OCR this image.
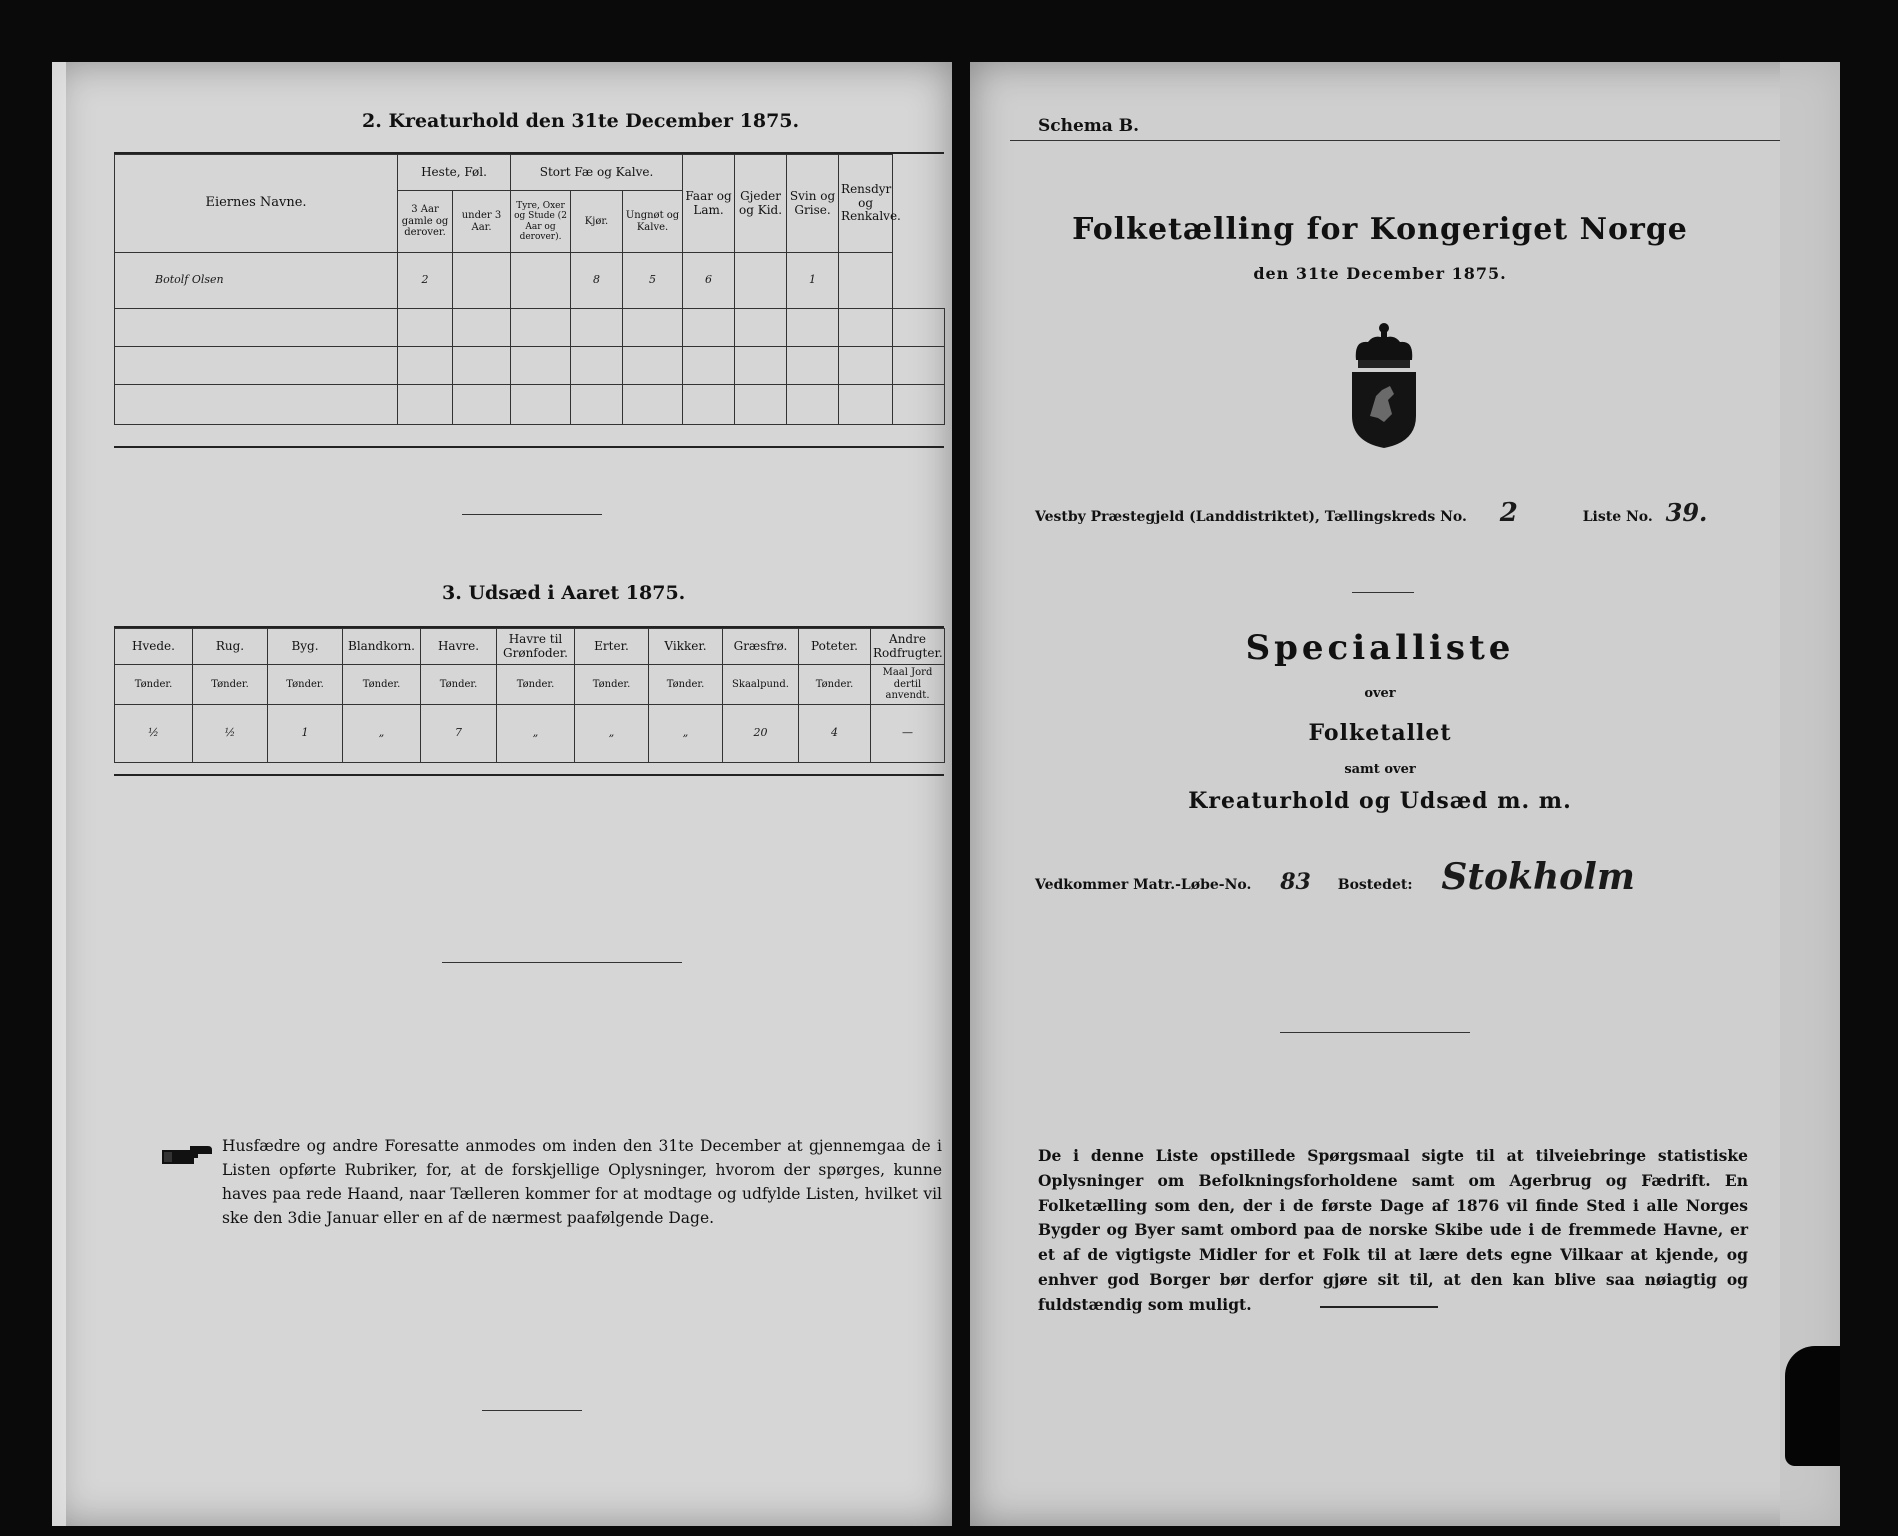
2. Kreaturhold den 31te December 1875.
Eiernes Navne.	Heste, Føl.		Stort Fæ og Kalve.			Faar og Lam.	Gjeder og Kid.	Svin og Grise.	Rensdyr og Renkalve.	
	3 Aar gamle og derover.	under 3 Aar.	Tyre, Oxer og Stude (2 Aar og derover).	Kjør.	Ungnøt og Kalve.					
Botolf Olsen	2			8	5	6		1		

3. Udsæd i Aaret 1875.
Hvede.	Rug.	Byg.	Blandkorn.	Havre.	Havre til Grønfoder.	Erter.	Vikker.	Græsfrø.	Poteter.	Andre Rodfrugter.
Tønder.	Tønder.	Tønder.	Tønder.	Tønder.	Tønder.	Tønder.	Tønder.	Skaalpund.	Tønder.	Maal Jord dertil anvendt.
½	½	1	„	7	„	„	„	20	4	—
Husfædre og andre Foresatte anmodes om inden den 31te December at gjennemgaa de i Listen opførte Rubriker, for, at de forskjellige Oplysninger, hvorom der spørges, kunne haves paa rede Haand, naar Tælleren kommer for at modtage og udfylde Listen, hvilket vil ske den 3die Januar eller en af de nærmest paafølgende Dage.
Schema B.
Folketælling for Kongeriget Norge
den 31te December 1875.
Vestby Præstegjeld (Landdistriktet), Tællingskreds No. 2	Liste No. 39.
Specialliste
over
Folketallet
samt over
Kreaturhold og Udsæd m. m.
Vedkommer Matr.-Løbe-No. 83 Bostedet: Stokholm
De i denne Liste opstillede Spørgsmaal sigte til at tilveiebringe statistiske Oplysninger om Befolkningsforholdene samt om Agerbrug og Fædrift. En Folketælling som den, der i de første Dage af 1876 vil finde Sted i alle Norges Bygder og Byer samt ombord paa de norske Skibe ude i de fremmede Havne, er et af de vigtigste Midler for et Folk til at lære dets egne Vilkaar at kjende, og enhver god Borger bør derfor gjøre sit til, at den kan blive saa nøiagtig og fuldstændig som muligt.
